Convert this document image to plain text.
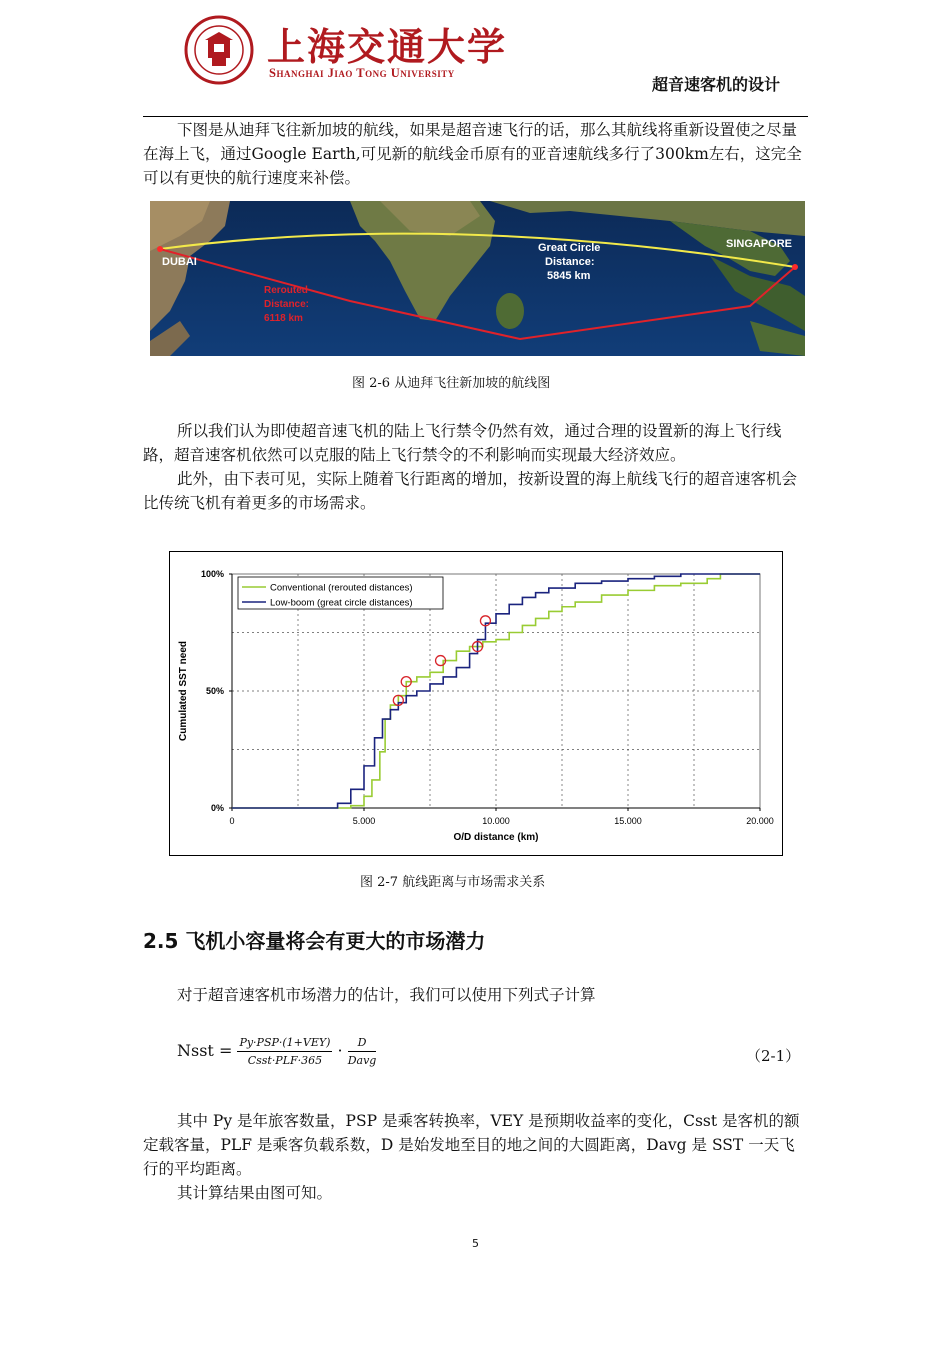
上海交通大学
Shanghai Jiao Tong University
超音速客机的设计

下图是从迪拜飞往新加坡的航线，如果是超音速飞行的话，那么其航线将重新设置使之尽量在海上飞，通过Google Earth,可见新的航线金币原有的亚音速航线多行了300km左右，这完全可以有更快的航行速度来补偿。

DUBAI
SINGAPORE
Great Circle
Distance:
5845 km
Rerouted
Distance:
6118 km
图 2-6 从迪拜飞往新加坡的航线图

所以我们认为即使超音速飞机的陆上飞行禁令仍然有效，通过合理的设置新的海上飞行线路，超音速客机依然可以克服的陆上飞行禁令的不利影响而实现最大经济效应。

此外，由下表可见，实际上随着飞行距离的增加，按新设置的海上航线飞行的超音速客机会比传统飞机有着更多的市场需求。

0	5.000	10.000	15.000	20.000
0%
50%
100%
O/D distance (km)
Cumulated SST need
Conventional (rerouted distances)
Low-boom (great circle distances)
图 2-7 航线距离与市场需求关系
2.5 飞机小容量将会有更大的市场潜力

对于超音速客机市场潜力的估计，我们可以使用下列式子计算

Nsst = $\frac{\text{Py·PSP·(1+VEY)}}{\text{Csst·PLF·365}} \cdot \frac{D}{\text{Davg}}$	（2-1）

其中 Py 是年旅客数量，PSP 是乘客转换率，VEY 是预期收益率的变化，Csst 是客机的额定载客量，PLF 是乘客负载系数，D 是始发地至目的地之间的大圆距离，Davg 是 SST 一天飞行的平均距离。

其计算结果由图可知。

5
